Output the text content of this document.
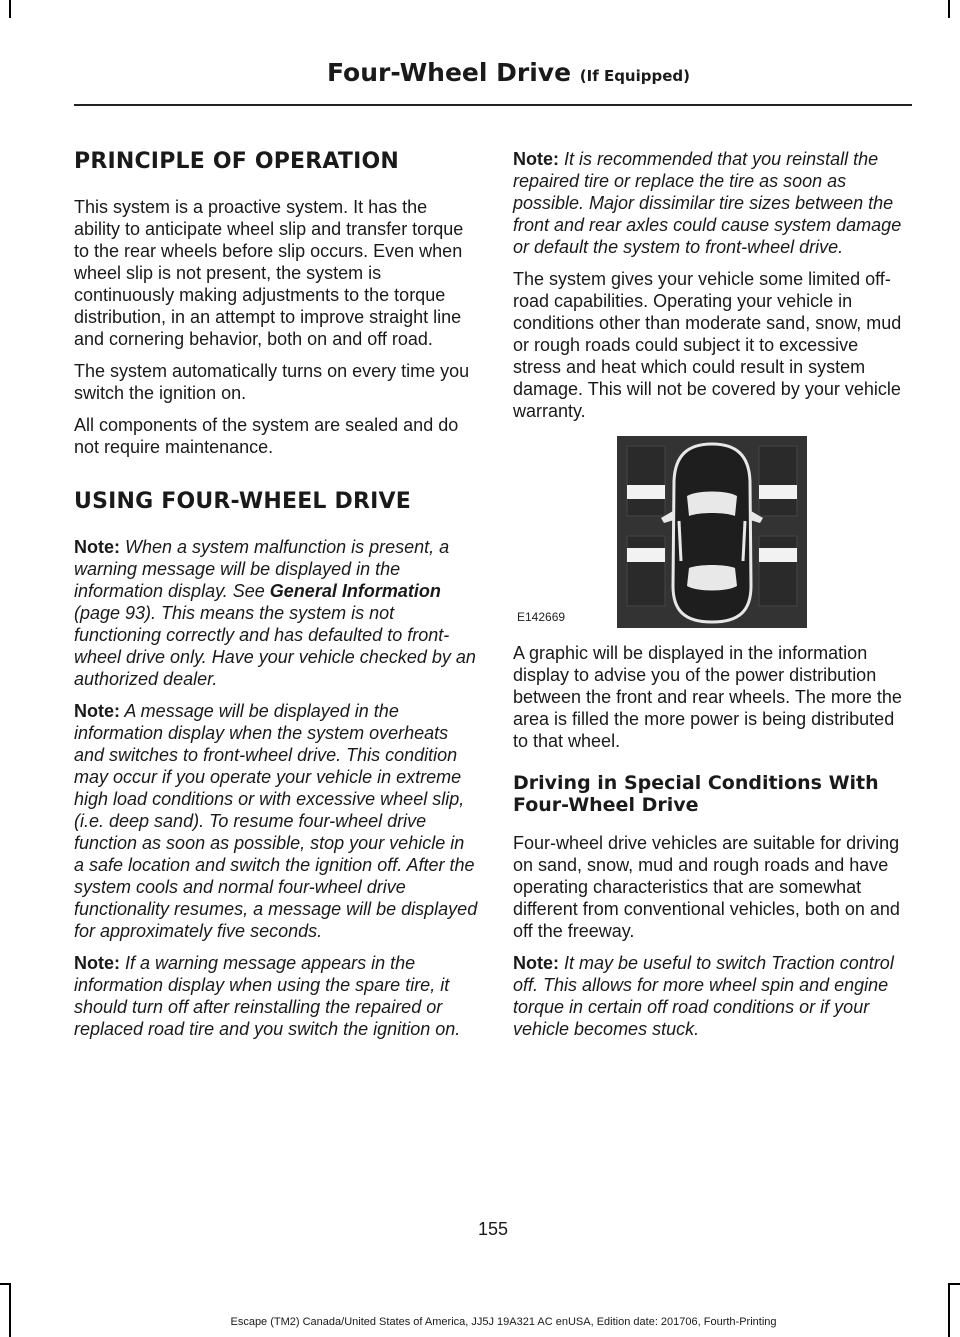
Four-Wheel Drive (If Equipped)
PRINCIPLE OF OPERATION

This system is a proactive system. It has the ability to anticipate wheel slip and transfer torque to the rear wheels before slip occurs. Even when wheel slip is not present, the system is continuously making adjustments to the torque distribution, in an attempt to improve straight line and cornering behavior, both on and off road.

The system automatically turns on every time you switch the ignition on.

All components of the system are sealed and do not require maintenance.

USING FOUR-WHEEL DRIVE

Note: When a system malfunction is present, a warning message will be displayed in the information display. See General Information (page 93). This means the system is not functioning correctly and has defaulted to front-wheel drive only. Have your vehicle checked by an authorized dealer.

Note: A message will be displayed in the information display when the system overheats and switches to front-wheel drive. This condition may occur if you operate your vehicle in extreme high load conditions or with excessive wheel slip, (i.e. deep sand). To resume four-wheel drive function as soon as possible, stop your vehicle in a safe location and switch the ignition off. After the system cools and normal four-wheel drive functionality resumes, a message will be displayed for approximately five seconds.

Note: If a warning message appears in the information display when using the spare tire, it should turn off after reinstalling the repaired or replaced road tire and you switch the ignition on.

Note: It is recommended that you reinstall the repaired tire or replace the tire as soon as possible. Major dissimilar tire sizes between the front and rear axles could cause system damage or default the system to front-wheel drive.

The system gives your vehicle some limited off-road capabilities. Operating your vehicle in conditions other than moderate sand, snow, mud or rough roads could subject it to excessive stress and heat which could result in system damage. This will not be covered by your vehicle warranty.

E142669

A graphic will be displayed in the information display to advise you of the power distribution between the front and rear wheels. The more the area is filled the more power is being distributed to that wheel.

Driving in Special Conditions With Four-Wheel Drive

Four-wheel drive vehicles are suitable for driving on sand, snow, mud and rough roads and have operating characteristics that are somewhat different from conventional vehicles, both on and off the freeway.

Note: It may be useful to switch Traction control off. This allows for more wheel spin and engine torque in certain off road conditions or if your vehicle becomes stuck.

155
Escape (TM2) Canada/United States of America, JJ5J 19A321 AC enUSA, Edition date: 201706, Fourth-Printing
